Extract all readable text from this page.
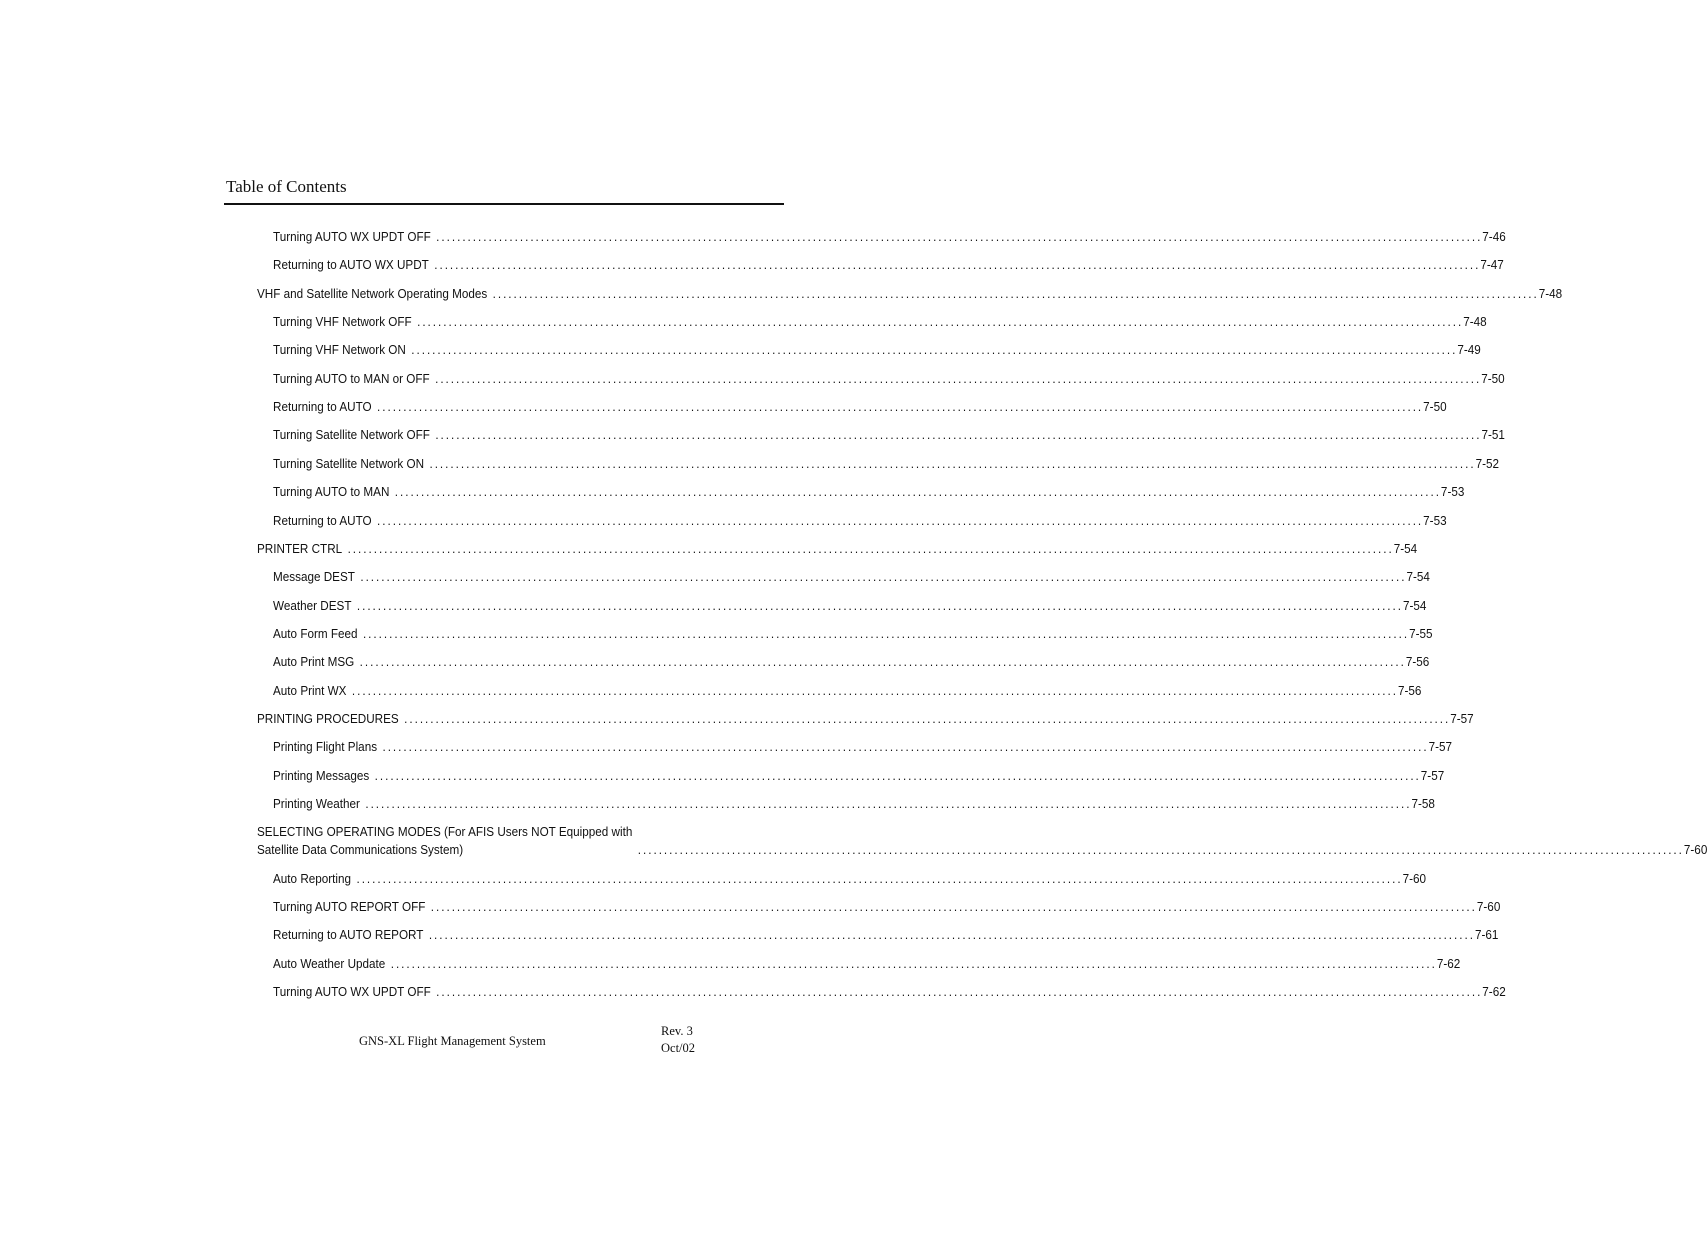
Table of Contents
Turning AUTO WX UPDT OFF ........................................................................................................................................................................................................ 7-46
Returning to AUTO WX UPDT ........................................................................................................................................................................................................ 7-47
VHF and Satellite Network Operating Modes ........................................................................................................................................................................................................ 7-48
Turning VHF Network OFF ........................................................................................................................................................................................................ 7-48
Turning VHF Network ON ........................................................................................................................................................................................................ 7-49
Turning AUTO to MAN or OFF ........................................................................................................................................................................................................ 7-50
Returning to AUTO ........................................................................................................................................................................................................ 7-50
Turning Satellite Network OFF ........................................................................................................................................................................................................ 7-51
Turning Satellite Network ON ........................................................................................................................................................................................................ 7-52
Turning AUTO to MAN ........................................................................................................................................................................................................ 7-53
Returning to AUTO ........................................................................................................................................................................................................ 7-53
PRINTER CTRL ........................................................................................................................................................................................................ 7-54
Message DEST ........................................................................................................................................................................................................ 7-54
Weather DEST ........................................................................................................................................................................................................ 7-54
Auto Form Feed ........................................................................................................................................................................................................ 7-55
Auto Print MSG ........................................................................................................................................................................................................ 7-56
Auto Print WX ........................................................................................................................................................................................................ 7-56
PRINTING PROCEDURES ........................................................................................................................................................................................................ 7-57
Printing Flight Plans ........................................................................................................................................................................................................ 7-57
Printing Messages ........................................................................................................................................................................................................ 7-57
Printing Weather ........................................................................................................................................................................................................ 7-58
SELECTING OPERATING MODES (For AFIS Users NOT Equipped with
Satellite Data Communications System)	........................................................................................................................................................................................................ 7-60
Auto Reporting ........................................................................................................................................................................................................ 7-60
Turning AUTO REPORT OFF ........................................................................................................................................................................................................ 7-60
Returning to AUTO REPORT ........................................................................................................................................................................................................ 7-61
Auto Weather Update ........................................................................................................................................................................................................ 7-62
Turning AUTO WX UPDT OFF ........................................................................................................................................................................................................ 7-62
GNS-XL Flight Management System
Rev. 3
Oct/02
